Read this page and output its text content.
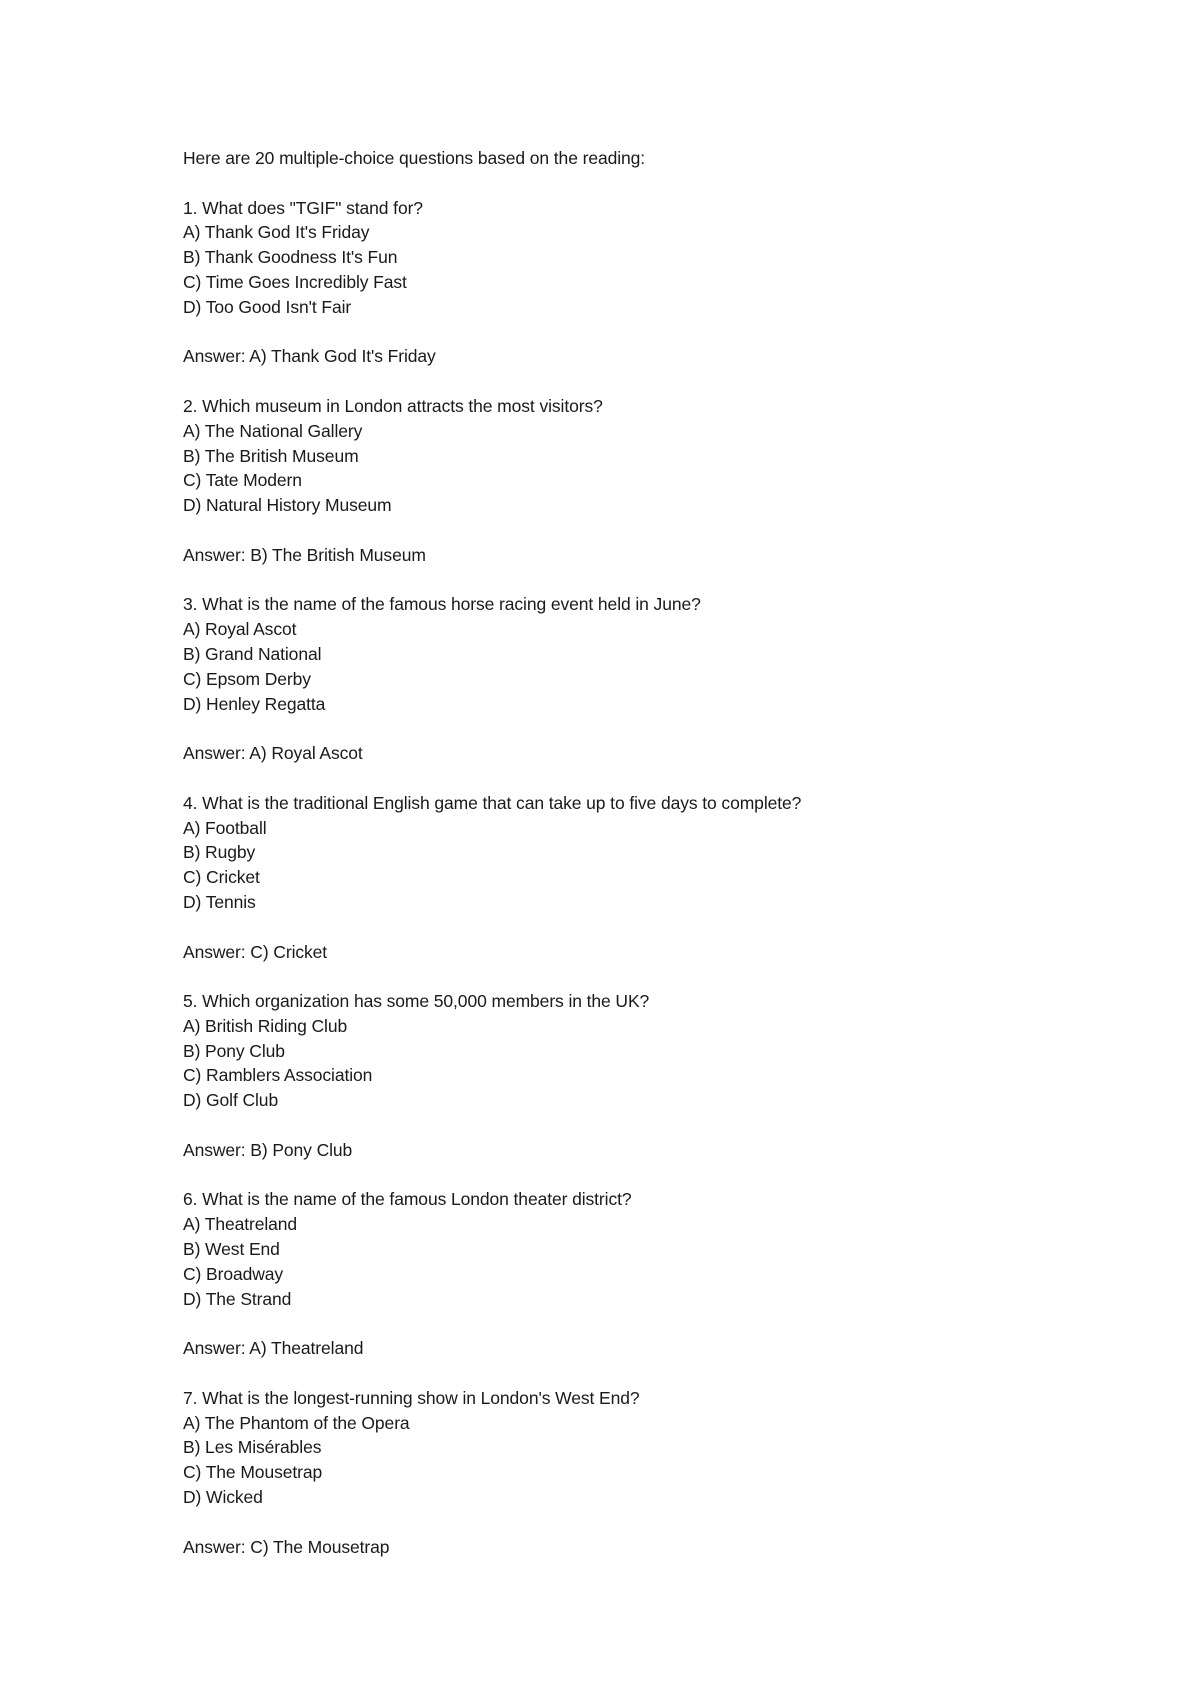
Here are 20 multiple-choice questions based on the reading:
1. What does "TGIF" stand for?
A) Thank God It's Friday
B) Thank Goodness It's Fun
C) Time Goes Incredibly Fast
D) Too Good Isn't Fair
Answer: A) Thank God It's Friday
2. Which museum in London attracts the most visitors?
A) The National Gallery
B) The British Museum
C) Tate Modern
D) Natural History Museum
Answer: B) The British Museum
3. What is the name of the famous horse racing event held in June?
A) Royal Ascot
B) Grand National
C) Epsom Derby
D) Henley Regatta
Answer: A) Royal Ascot
4. What is the traditional English game that can take up to five days to complete?
A) Football
B) Rugby
C) Cricket
D) Tennis
Answer: C) Cricket
5. Which organization has some 50,000 members in the UK?
A) British Riding Club
B) Pony Club
C) Ramblers Association
D) Golf Club
Answer: B) Pony Club
6. What is the name of the famous London theater district?
A) Theatreland
B) West End
C) Broadway
D) The Strand
Answer: A) Theatreland
7. What is the longest-running show in London's West End?
A) The Phantom of the Opera
B) Les Misérables
C) The Mousetrap
D) Wicked
Answer: C) The Mousetrap
